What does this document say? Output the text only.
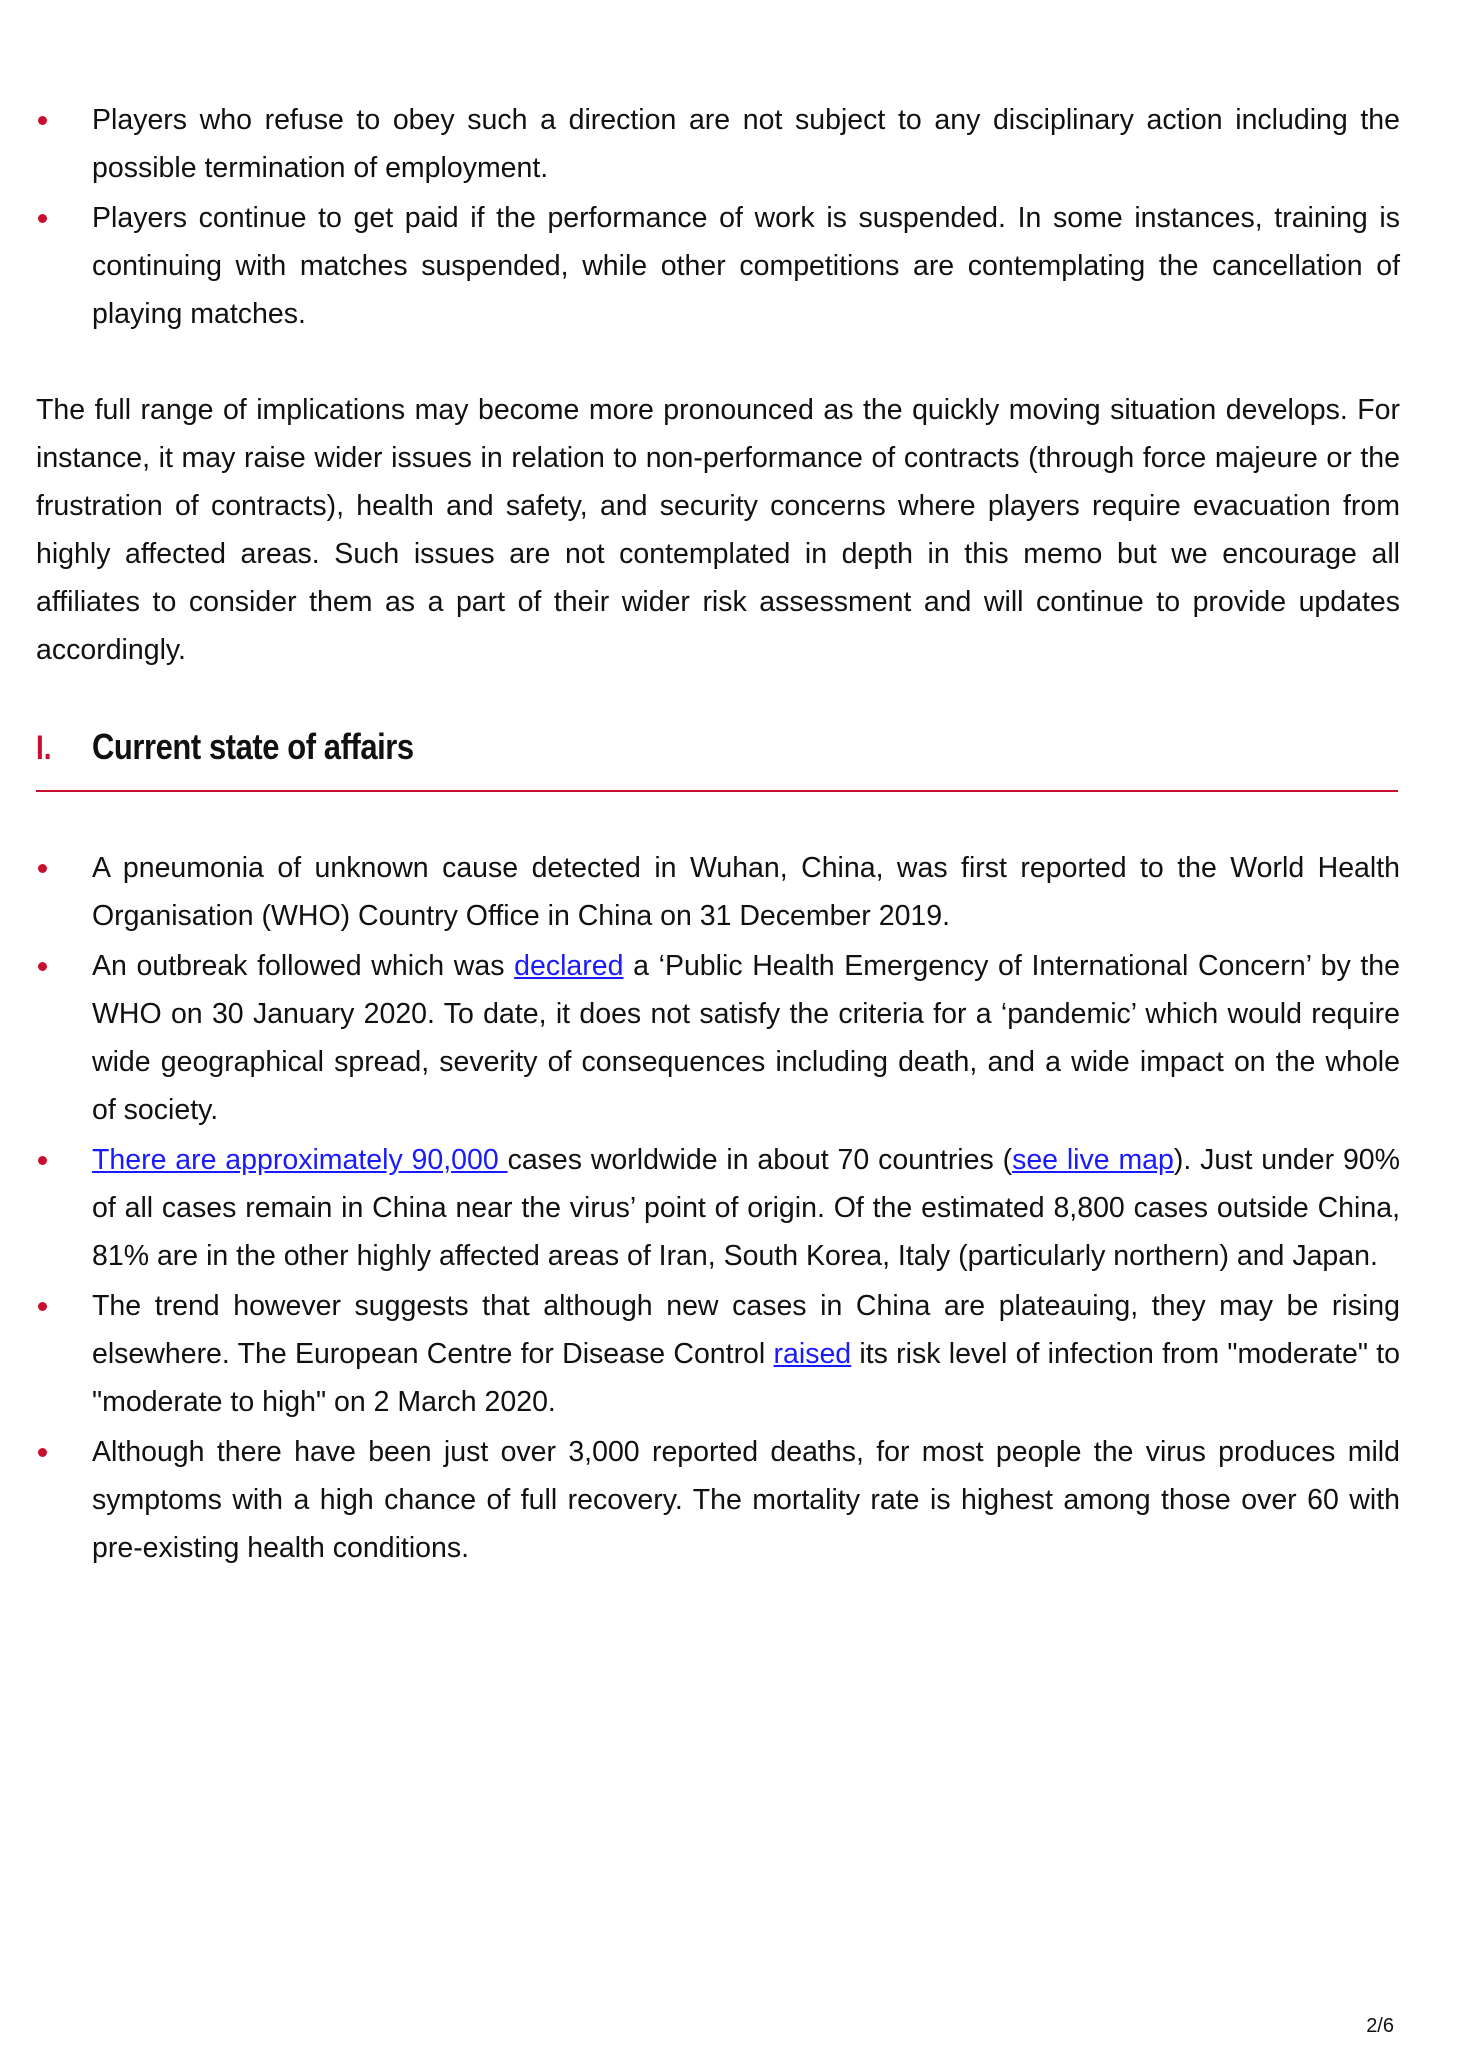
Players who refuse to obey such a direction are not subject to any disciplinary action including the possible termination of employment.
Players continue to get paid if the performance of work is suspended. In some instances, training is continuing with matches suspended, while other competitions are contemplating the cancellation of playing matches.

The full range of implications may become more pronounced as the quickly moving situation develops. For instance, it may raise wider issues in relation to non-performance of contracts (through force majeure or the frustration of contracts), health and safety, and security concerns where players require evacuation from highly affected areas. Such issues are not contemplated in depth in this memo but we encourage all affiliates to consider them as a part of their wider risk assessment and will continue to provide updates accordingly.

I.	Current state of affairs
A pneumonia of unknown cause detected in Wuhan, China, was first reported to the World Health Organisation (WHO) Country Office in China on 31 December 2019.
An outbreak followed which was declared a ‘Public Health Emergency of International Concern’ by the WHO on 30 January 2020. To date, it does not satisfy the criteria for a ‘pandemic’ which would require wide geographical spread, severity of consequences including death, and a wide impact on the whole of society.
There are approximately 90,000 cases worldwide in about 70 countries (see live map). Just under 90% of all cases remain in China near the virus’ point of origin. Of the estimated 8,800 cases outside China, 81% are in the other highly affected areas of Iran, South Korea, Italy (particularly northern) and Japan.
The trend however suggests that although new cases in China are plateauing, they may be rising elsewhere. The European Centre for Disease Control raised its risk level of infection from "moderate" to "moderate to high" on 2 March 2020.
Although there have been just over 3,000 reported deaths, for most people the virus produces mild symptoms with a high chance of full recovery. The mortality rate is highest among those over 60 with pre-existing health conditions.
2/6
